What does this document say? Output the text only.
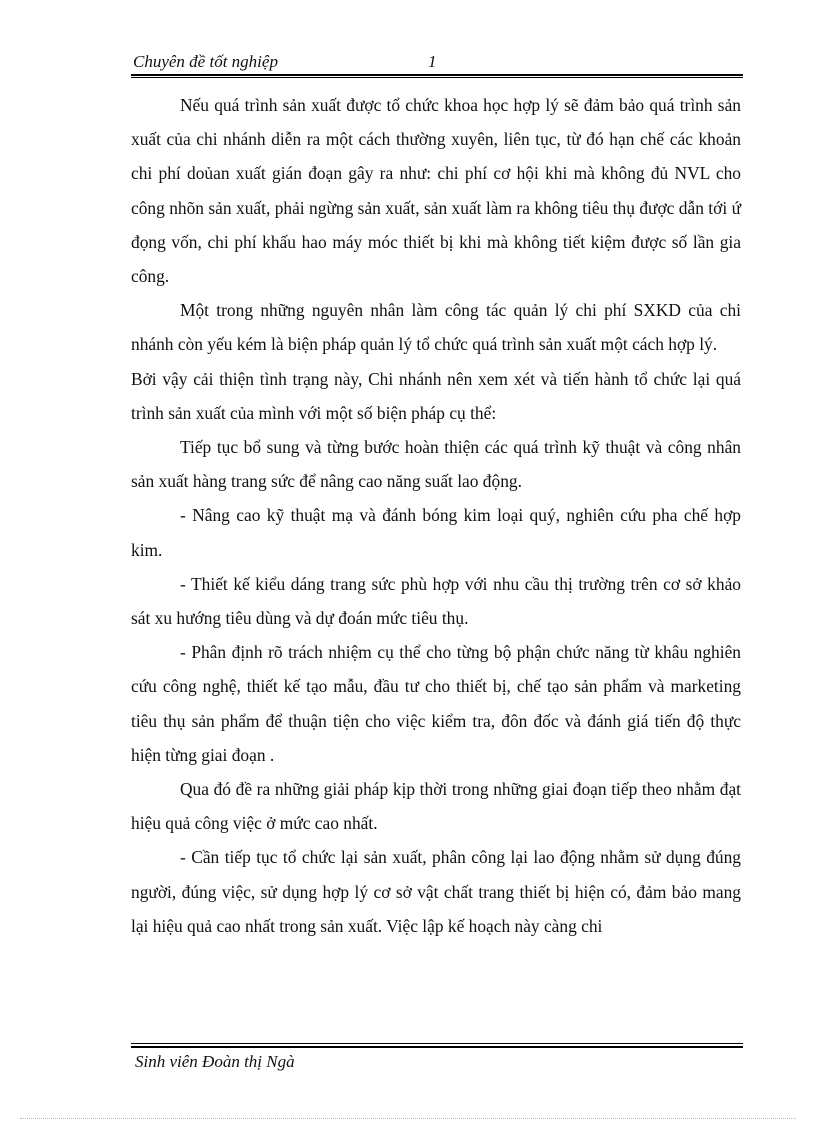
Chuyên đề tốt nghiệp	1

Nếu quá trình sản xuất được tổ chức khoa học hợp lý sẽ đảm bảo quá trình sản xuất của chi nhánh diễn ra một cách thường xuyên, liên tục, từ đó hạn chế các khoản chi phí doủan xuất gián đoạn gây ra như: chi phí cơ hội khi mà không đủ NVL cho công nhõn sản xuất, phải ngừng sản xuất, sản xuất làm ra không tiêu thụ được dẫn tới ứ đọng vốn, chi phí khấu hao máy móc thiết bị khi mà không tiết kiệm được số lần gia công.

Một trong những nguyên nhân làm công tác quản lý chi phí SXKD của chi nhánh còn yếu kém là biện pháp quản lý tổ chức quá trình sản xuất một cách hợp lý.

Bởi vậy cải thiện tình trạng này, Chi nhánh nên xem xét và tiến hành tổ chức lại quá trình sản xuất của mình với một số biện pháp cụ thể:

Tiếp tục bổ sung và từng bước hoàn thiện các quá trình kỹ thuật và công nhân sản xuất hàng trang sức để nâng cao năng suất lao động.

- Nâng cao kỹ thuật mạ và đánh bóng kim loại quý, nghiên cứu pha chế hợp kim.

- Thiết kế kiểu dáng trang sức phù hợp với nhu cầu thị trường trên cơ sở khảo sát xu hướng tiêu dùng và dự đoán mức tiêu thụ.

- Phân định rõ trách nhiệm cụ thể cho từng bộ phận chức năng từ khâu nghiên cứu công nghệ, thiết kế tạo mẫu, đầu tư cho thiết bị, chế tạo sản phẩm và marketing tiêu thụ sản phẩm để thuận tiện cho việc kiểm tra, đôn đốc và đánh giá tiến độ thực hiện từng giai đoạn .

Qua đó đề ra những giải pháp kịp thời trong những giai đoạn tiếp theo nhằm đạt hiệu quả công việc ở mức cao nhất.

- Cần tiếp tục tổ chức lại sản xuất, phân công lại lao động nhằm sử dụng đúng người, đúng việc, sử dụng hợp lý cơ sở vật chất trang thiết bị hiện có, đảm bảo mang lại hiệu quả cao nhất trong sản xuất. Việc lập kế hoạch này càng chi

Sinh viên Đoàn thị Ngà
